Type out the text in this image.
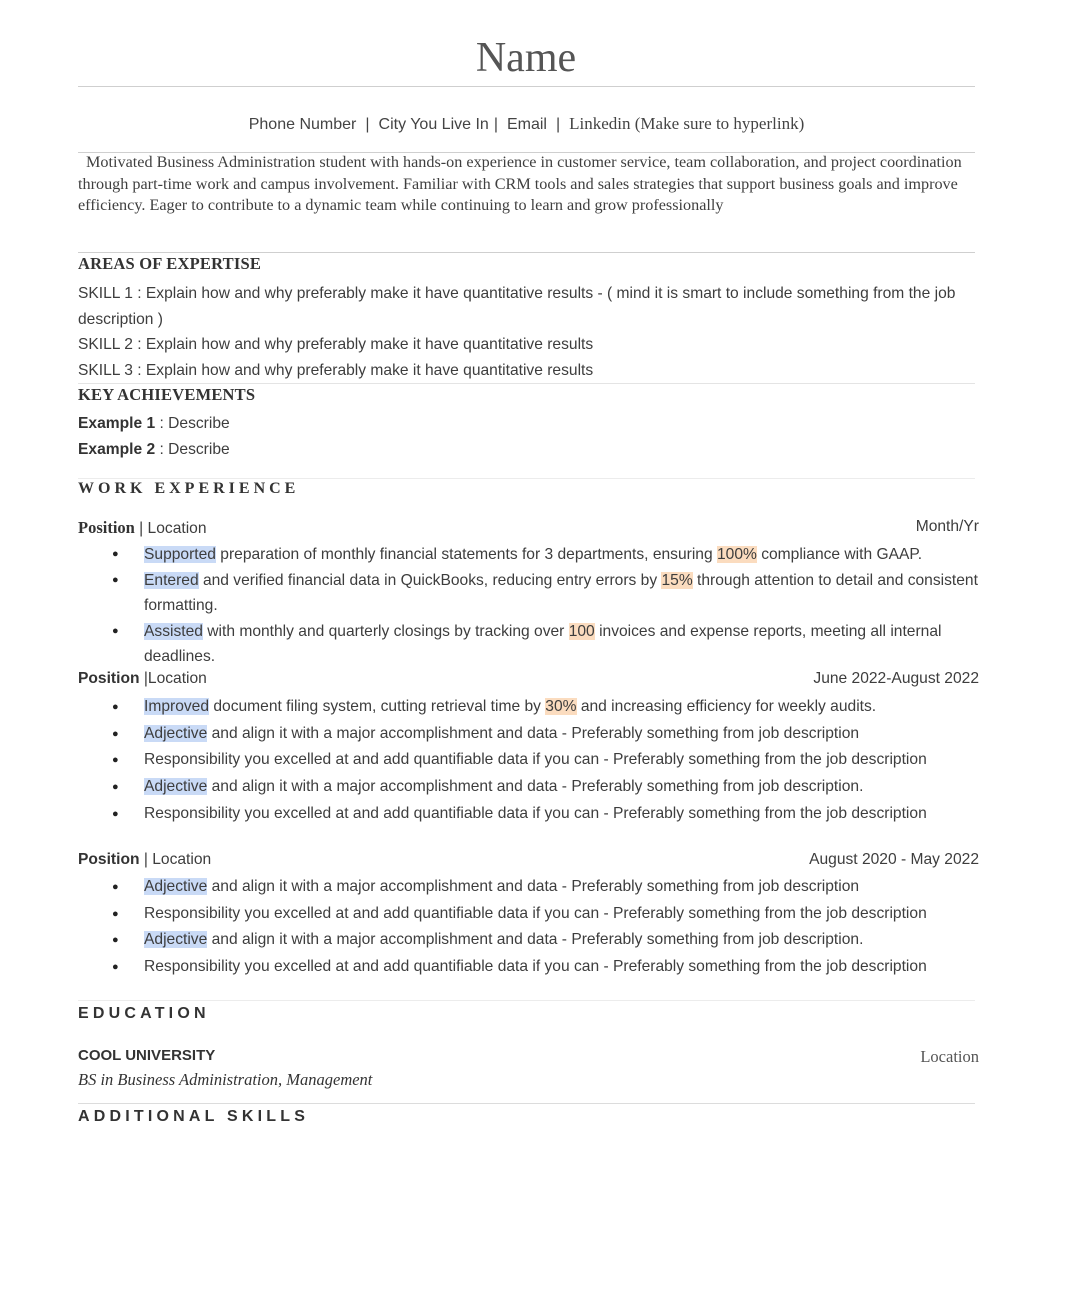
Name
Phone Number | City You Live In | Email | Linkedin (Make sure to hyperlink)
Motivated Business Administration student with hands-on experience in customer service, team collaboration, and project coordination through part-time work and campus involvement. Familiar with CRM tools and sales strategies that support business goals and improve efficiency. Eager to contribute to a dynamic team while continuing to learn and grow professionally
AREAS OF EXPERTISE
SKILL 1 : Explain how and why preferably make it have quantitative results - ( mind it is smart to include something from the job description )
SKILL 2 : Explain how and why preferably make it have quantitative results
SKILL 3 : Explain how and why preferably make it have quantitative results
KEY ACHIEVEMENTS
Example 1 : Describe
Example 2 : Describe
WORK EXPERIENCE
Position | Location	Month/Yr
● Supported preparation of monthly financial statements for 3 departments, ensuring 100% compliance with GAAP.
● Entered and verified financial data in QuickBooks, reducing entry errors by 15% through attention to detail and consistent formatting.
● Assisted with monthly and quarterly closings by tracking over 100 invoices and expense reports, meeting all internal deadlines.
Position |Location	June 2022-August 2022
● Improved document filing system, cutting retrieval time by 30% and increasing efficiency for weekly audits.
● Adjective and align it with a major accomplishment and data - Preferably something from job description
● Responsibility you excelled at and add quantifiable data if you can - Preferably something from the job description
● Adjective and align it with a major accomplishment and data - Preferably something from job description.
● Responsibility you excelled at and add quantifiable data if you can - Preferably something from the job description
Position | Location	August 2020 - May 2022
● Adjective and align it with a major accomplishment and data - Preferably something from job description
● Responsibility you excelled at and add quantifiable data if you can - Preferably something from the job description
● Adjective and align it with a major accomplishment and data - Preferably something from job description.
● Responsibility you excelled at and add quantifiable data if you can - Preferably something from the job description
EDUCATION
COOL UNIVERSITY	Location
BS in Business Administration, Management
ADDITIONAL SKILLS
